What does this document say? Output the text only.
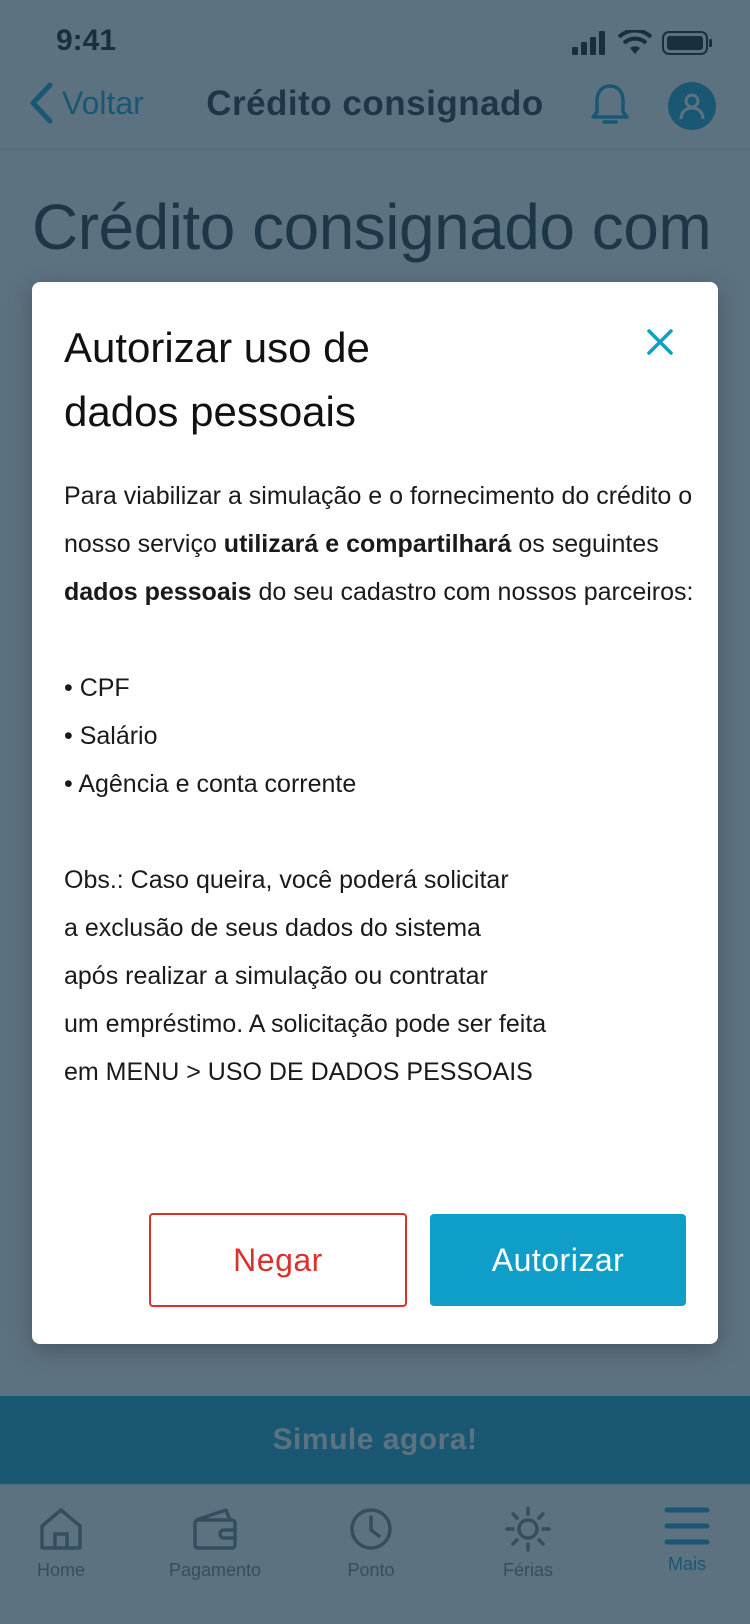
Autorizar uso de
dados pessoais

Para viabilizar a simulação e o fornecimento do crédito o nosso serviço utilizará e compartilhará os seguintes dados pessoais do seu cadastro com nossos parceiros:

• CPF

• Salário

• Agência e conta corrente

Obs.: Caso queira, você poderá solicitar

a exclusão de seus dados do sistema

após realizar a simulação ou contratar

um empréstimo. A solicitação pode ser feita

em MENU > USO DE DADOS PESSOAIS

Negar	Autorizar
